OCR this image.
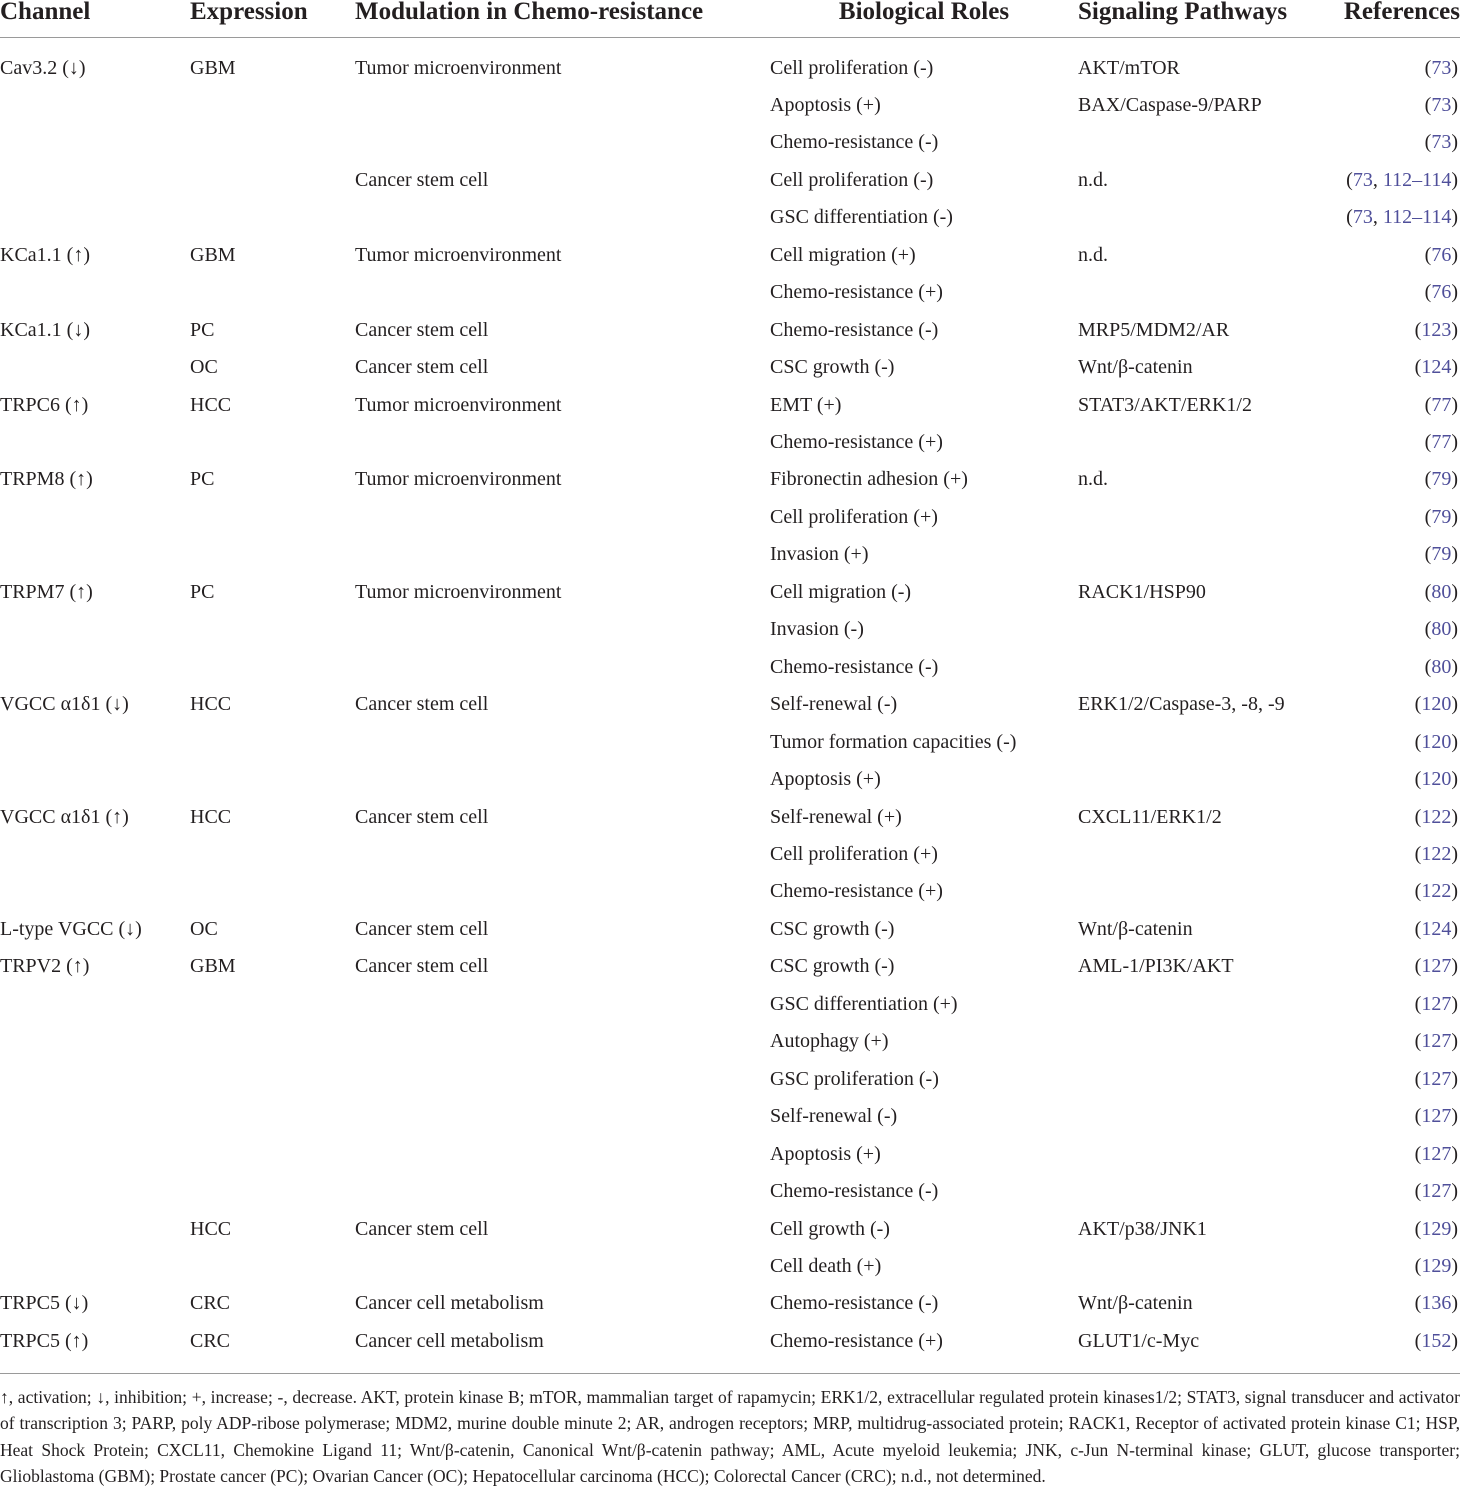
Channel	Expression	Modulation in Chemo-resistance	Biological Roles	Signaling Pathways	References
Cav3.2 (↓)	GBM	Tumor microenvironment	Cell proliferation (-)	AKT/mTOR	(73)
			Apoptosis (+)	BAX/Caspase-9/PARP	(73)
			Chemo-resistance (-)		(73)
		Cancer stem cell	Cell proliferation (-)	n.d.	(73, 112–114)
			GSC differentiation (-)		(73, 112–114)
KCa1.1 (↑)	GBM	Tumor microenvironment	Cell migration (+)	n.d.	(76)
			Chemo-resistance (+)		(76)
KCa1.1 (↓)	PC	Cancer stem cell	Chemo-resistance (-)	MRP5/MDM2/AR	(123)
	OC	Cancer stem cell	CSC growth (-)	Wnt/β-catenin	(124)
TRPC6 (↑)	HCC	Tumor microenvironment	EMT (+)	STAT3/AKT/ERK1/2	(77)
			Chemo-resistance (+)		(77)
TRPM8 (↑)	PC	Tumor microenvironment	Fibronectin adhesion (+)	n.d.	(79)
			Cell proliferation (+)		(79)
			Invasion (+)		(79)
TRPM7 (↑)	PC	Tumor microenvironment	Cell migration (-)	RACK1/HSP90	(80)
			Invasion (-)		(80)
			Chemo-resistance (-)		(80)
VGCC α1δ1 (↓)	HCC	Cancer stem cell	Self-renewal (-)	ERK1/2/Caspase-3, -8, -9	(120)
			Tumor formation capacities (-)		(120)
			Apoptosis (+)		(120)
VGCC α1δ1 (↑)	HCC	Cancer stem cell	Self-renewal (+)	CXCL11/ERK1/2	(122)
			Cell proliferation (+)		(122)
			Chemo-resistance (+)		(122)
L-type VGCC (↓)	OC	Cancer stem cell	CSC growth (-)	Wnt/β-catenin	(124)
TRPV2 (↑)	GBM	Cancer stem cell	CSC growth (-)	AML-1/PI3K/AKT	(127)
			GSC differentiation (+)		(127)
			Autophagy (+)		(127)
			GSC proliferation (-)		(127)
			Self-renewal (-)		(127)
			Apoptosis (+)		(127)
			Chemo-resistance (-)		(127)
	HCC	Cancer stem cell	Cell growth (-)	AKT/p38/JNK1	(129)
			Cell death (+)		(129)
TRPC5 (↓)	CRC	Cancer cell metabolism	Chemo-resistance (-)	Wnt/β-catenin	(136)
TRPC5 (↑)	CRC	Cancer cell metabolism	Chemo-resistance (+)	GLUT1/c-Myc	(152)
↑, activation; ↓, inhibition; +, increase; -, decrease. AKT, protein kinase B; mTOR, mammalian target of rapamycin; ERK1/2, extracellular regulated protein kinases1/2; STAT3, signal transducer and activator of transcription 3; PARP, poly ADP-ribose polymerase; MDM2, murine double minute 2; AR, androgen receptors; MRP, multidrug-associated protein; RACK1, Receptor of activated protein kinase C1; HSP, Heat Shock Protein; CXCL11, Chemokine Ligand 11; Wnt/β-catenin, Canonical Wnt/β-catenin pathway; AML, Acute myeloid leukemia; JNK, c-Jun N-terminal kinase; GLUT, glucose transporter; Glioblastoma (GBM); Prostate cancer (PC); Ovarian Cancer (OC); Hepatocellular carcinoma (HCC); Colorectal Cancer (CRC); n.d., not determined.
